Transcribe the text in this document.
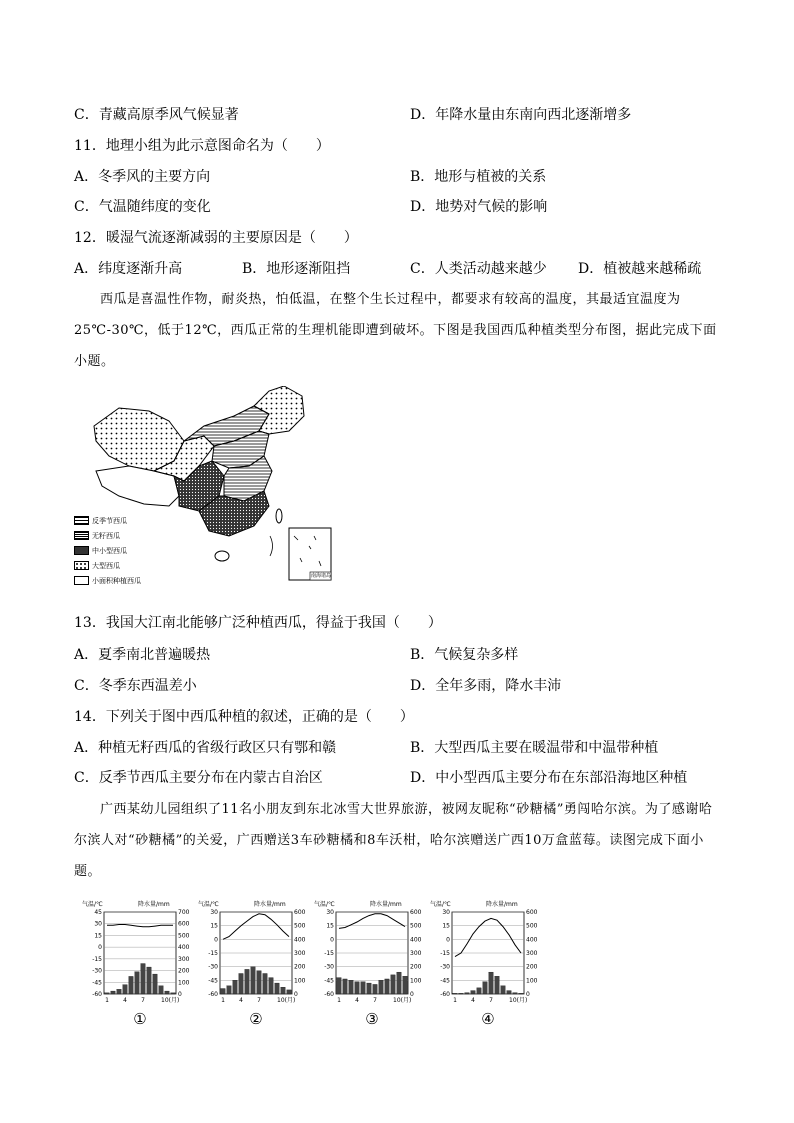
C．青藏高原季风气候显著	D．年降水量由东南向西北逐渐增多
11．地理小组为此示意图命名为（　　）
A．冬季风的主要方向	B．地形与植被的关系
C．气温随纬度的变化	D．地势对气候的影响
12．暖湿气流逐渐减弱的主要原因是（　　）
A．纬度逐渐升高	B．地形逐渐阻挡	C．人类活动越来越少 D．植被越来越稀疏
西瓜是喜温性作物，耐炎热，怕低温，在整个生长过程中，都要求有较高的温度，其最适宜温度为25℃-30℃，低于12℃，西瓜正常的生理机能即遭到破坏。下图是我国西瓜种植类型分布图，据此完成下面小题。
南海诸岛
反季节西瓜
无籽西瓜
中小型西瓜
大型西瓜
小面积种植西瓜
13．我国大江南北能够广泛种植西瓜，得益于我国（　　）
A．夏季南北普遍暖热	B．气候复杂多样
C．冬季东西温差小	D．全年多雨，降水丰沛
14．下列关于图中西瓜种植的叙述，正确的是（　　）
A．种植无籽西瓜的省级行政区只有鄂和赣	B．大型西瓜主要在暖温带和中温带种植
C．反季节西瓜主要分布在内蒙古自治区	D．中小型西瓜主要分布在东部沿海地区种植
广西某幼儿园组织了11名小朋友到东北冰雪大世界旅游，被网友昵称“砂糖橘”勇闯哈尔滨。为了感谢哈尔滨人对“砂糖橘”的关爱，广西赠送3车砂糖橘和8车沃柑，哈尔滨赠送广西10万盒蓝莓。读图完成下面小题。
气温/℃	降水量/mm
45
30
15
0
-15
-30
-45
-60
700
600
500
400
300
200
100
0
1 4 7	10(月)
①
气温/℃	降水量/mm
30
15
0
-15
-30
-45
-60
600
500
400
300
200
100
0
1 4 7	10(月)
②
气温/℃	降水量/mm
30
15
0
-15
-30
-45
-60
600
500
400
300
200
100
0
1 4 7	10(月)
③
气温/℃	降水量/mm
30
15
0
-15
-30
-45
-60
600
500
400
300
200
100
0
1 4 7	10(月)
④
